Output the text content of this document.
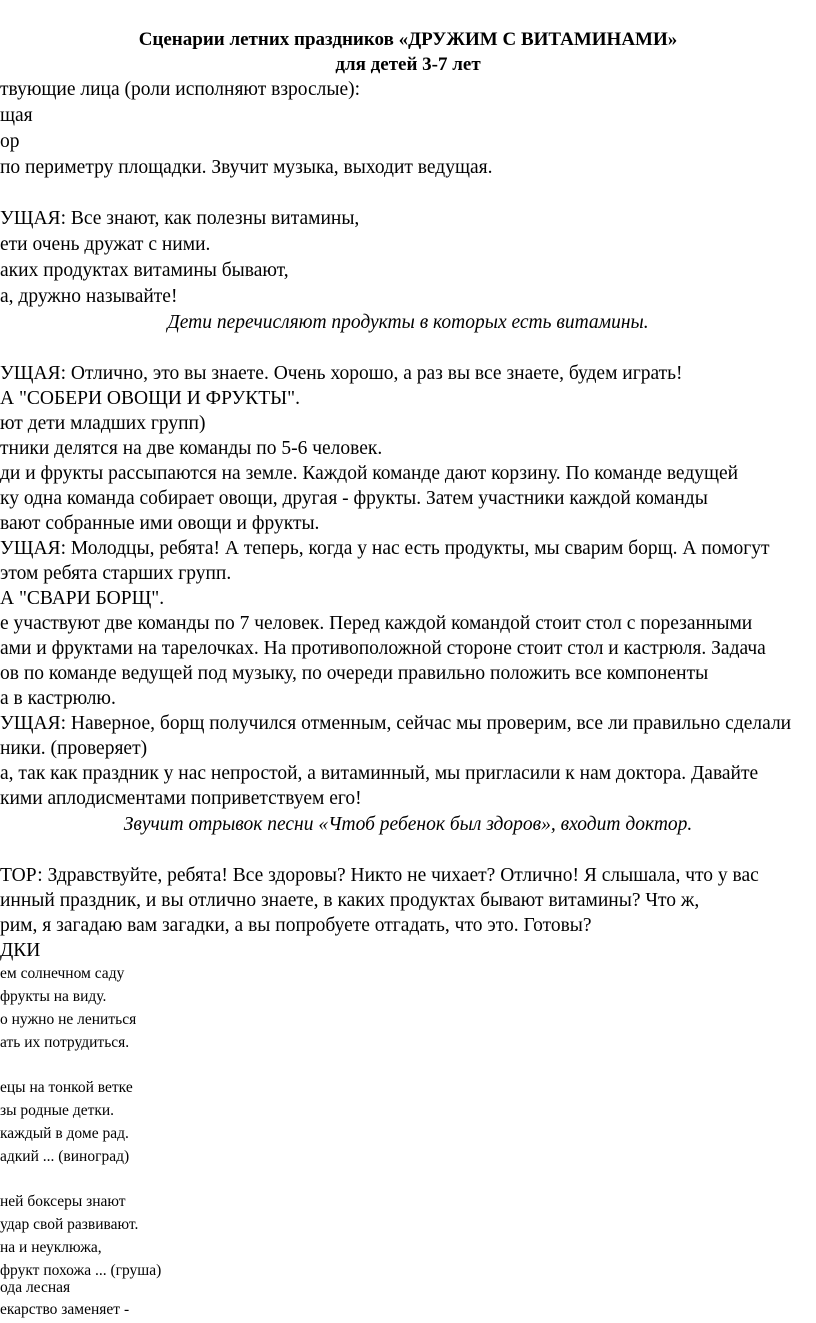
Сценарии летних праздников «ДРУЖИМ С ВИТАМИНАМИ»
для детей 3-7 лет
твующие лица (роли исполняют взрослые):
щая
ор
по периметру площадки. Звучит музыка, выходит ведущая.
УЩАЯ: Все знают, как полезны витамины,
ети очень дружат с ними.
аких продуктах витамины бывают,
а, дружно называйте!
Дети перечисляют продукты в которых есть витамины.
УЩАЯ: Отлично, это вы знаете. Очень хорошо, а раз вы все знаете, будем играть!
А "СОБЕРИ ОВОЩИ И ФРУКТЫ".
ют дети младших групп)
тники делятся на две команды по 5-6 человек.
ди и фрукты рассыпаются на земле. Каждой команде дают корзину. По команде ведущей
ку одна команда собирает овощи, другая - фрукты. Затем участники каждой команды
вают собранные ими овощи и фрукты.
УЩАЯ: Молодцы, ребята! А теперь, когда у нас есть продукты, мы сварим борщ. А помогут
этом ребята старших групп.
А "СВАРИ БОРЩ".
е участвуют две команды по 7 человек. Перед каждой командой стоит стол с порезанными
ами и фруктами на тарелочках. На противоположной стороне стоит стол и кастрюля. Задача
ов по команде ведущей под музыку, по очереди правильно положить все компоненты
а в кастрюлю.
УЩАЯ: Наверное, борщ получился отменным, сейчас мы проверим, все ли правильно сделали
ники. (проверяет)
а, так как праздник у нас непростой, а витаминный, мы пригласили к нам доктора. Давайте
кими аплодисментами поприветствуем его!
Звучит отрывок песни «Чтоб ребенок был здоров», входит доктор.
ТОР: Здравствуйте, ребята! Все здоровы? Никто не чихает? Отлично! Я слышала, что у вас
инный праздник, и вы отлично знаете, в каких продуктах бывают витамины? Что ж,
рим, я загадаю вам загадки, а вы попробуете отгадать, что это. Готовы?
ДКИ
ем солнечном саду
фрукты на виду.
о нужно не лениться
ать их потрудиться.
ецы на тонкой ветке
зы родные детки.
каждый в доме рад.
адкий ... (виноград)
ней боксеры знают
удар свой развивают.
на и неуклюжа,
фрукт похожа ... (груша)
ода лесная
екарство заменяет -
